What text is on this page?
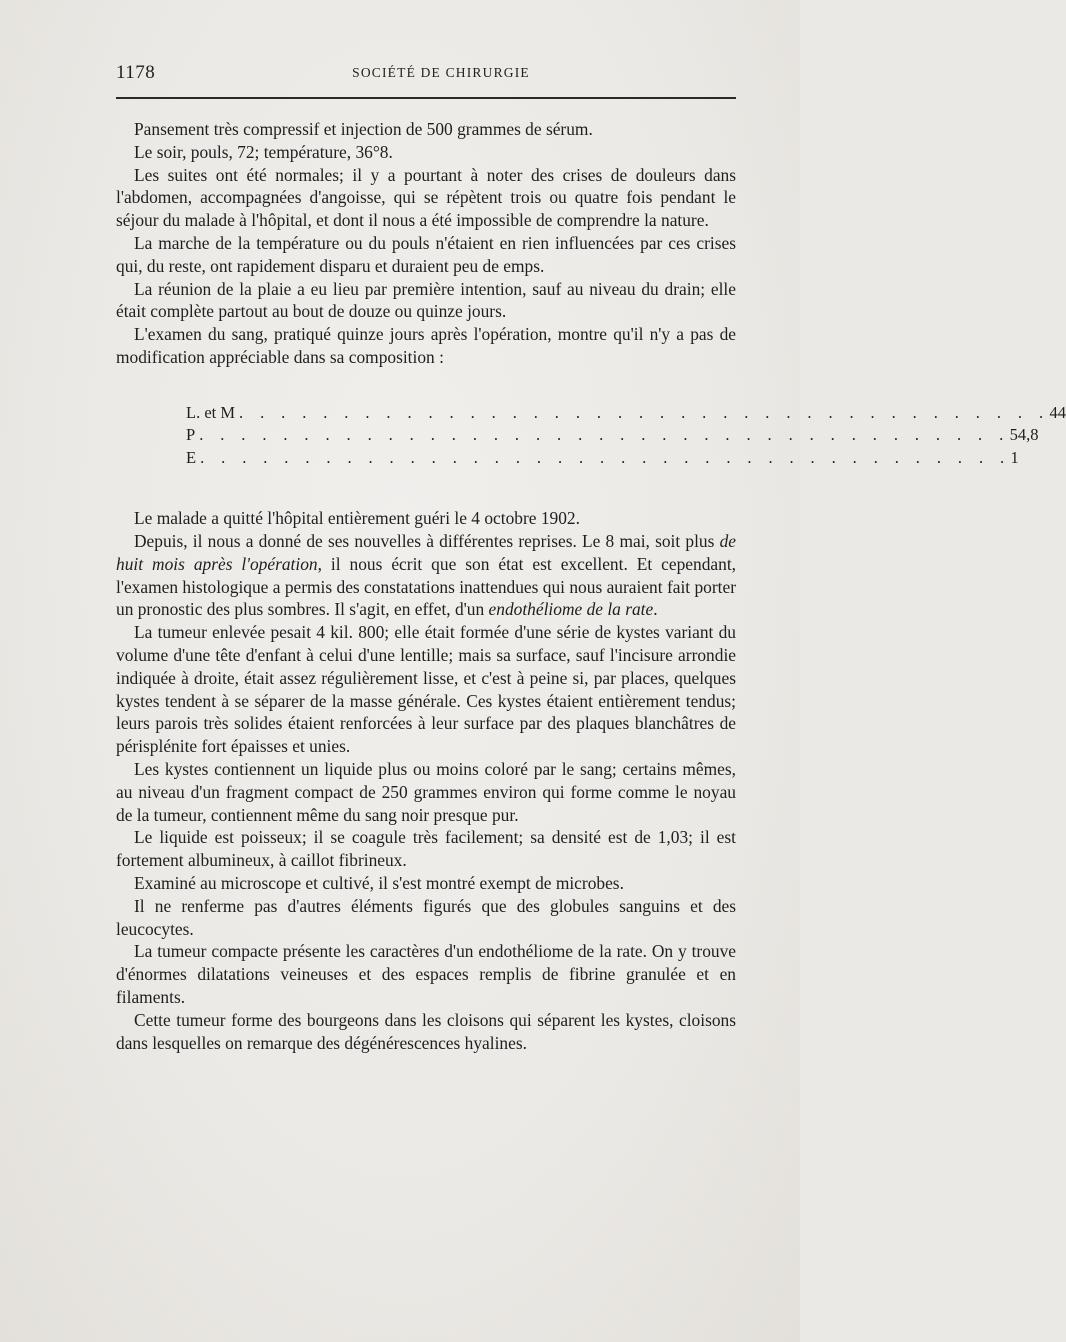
1178	SOCIÉTÉ DE CHIRURGIE

Pansement très compressif et injection de 500 grammes de sérum.

Le soir, pouls, 72; température, 36°8.

Les suites ont été normales; il y a pourtant à noter des crises de douleurs dans l'abdomen, accompagnées d'angoisse, qui se répètent trois ou quatre fois pendant le séjour du malade à l'hôpital, et dont il nous a été impossible de comprendre la nature.

La marche de la température ou du pouls n'étaient en rien influencées par ces crises qui, du reste, ont rapidement disparu et duraient peu de emps.

La réunion de la plaie a eu lieu par première intention, sauf au niveau du drain; elle était complète partout au bout de douze ou quinze jours.

L'examen du sang, pratiqué quinze jours après l'opération, montre qu'il n'y a pas de modification appréciable dans sa composition :

L. et M . . . . . . . . . . . . . . . . . . . . . . . . . . . . . . . . . . . . . . . 44
P . . . . . . . . . . . . . . . . . . . . . . . . . . . . . . . . . . . . . . . 54,8
E . . . . . . . . . . . . . . . . . . . . . . . . . . . . . . . . . . . . . . . 1

Le malade a quitté l'hôpital entièrement guéri le 4 octobre 1902.

Depuis, il nous a donné de ses nouvelles à différentes reprises. Le 8 mai, soit plus de huit mois après l'opération, il nous écrit que son état est excellent. Et cependant, l'examen histologique a permis des constatations inattendues qui nous auraient fait porter un pronostic des plus sombres. Il s'agit, en effet, d'un endothéliome de la rate.

La tumeur enlevée pesait 4 kil. 800; elle était formée d'une série de kystes variant du volume d'une tête d'enfant à celui d'une lentille; mais sa surface, sauf l'incisure arrondie indiquée à droite, était assez régulièrement lisse, et c'est à peine si, par places, quelques kystes tendent à se séparer de la masse générale. Ces kystes étaient entièrement tendus; leurs parois très solides étaient renforcées à leur surface par des plaques blanchâtres de périsplénite fort épaisses et unies.

Les kystes contiennent un liquide plus ou moins coloré par le sang; certains mêmes, au niveau d'un fragment compact de 250 grammes environ qui forme comme le noyau de la tumeur, contiennent même du sang noir presque pur.

Le liquide est poisseux; il se coagule très facilement; sa densité est de 1,03; il est fortement albumineux, à caillot fibrineux.

Examiné au microscope et cultivé, il s'est montré exempt de microbes.

Il ne renferme pas d'autres éléments figurés que des globules sanguins et des leucocytes.

La tumeur compacte présente les caractères d'un endothéliome de la rate. On y trouve d'énormes dilatations veineuses et des espaces remplis de fibrine granulée et en filaments.

Cette tumeur forme des bourgeons dans les cloisons qui séparent les kystes, cloisons dans lesquelles on remarque des dégénérescences hyalines.
